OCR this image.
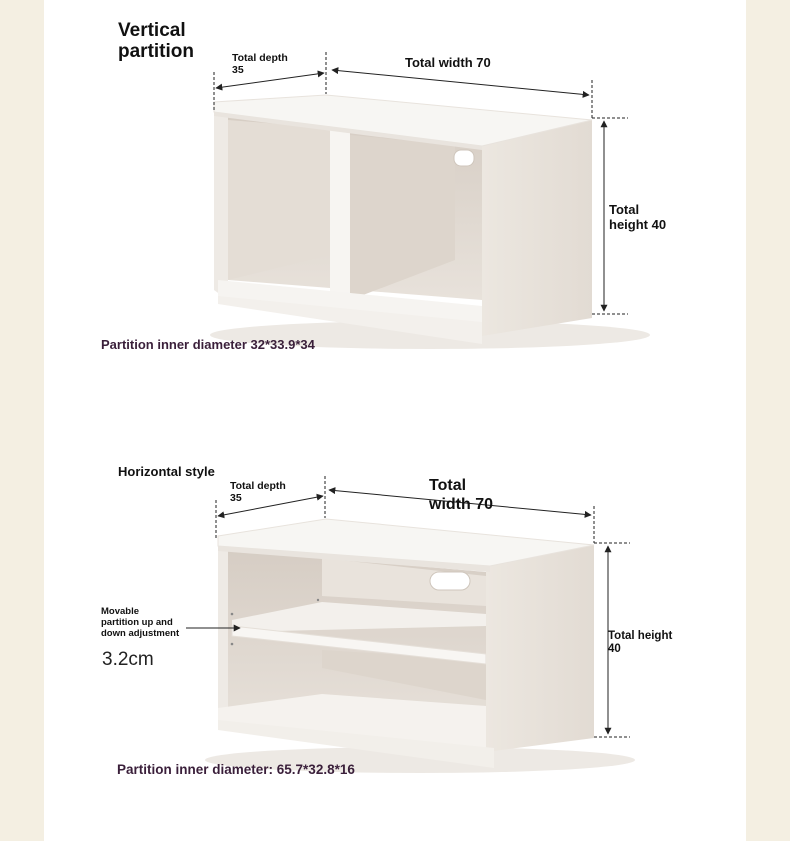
Vertical
partition	Total depth
35	Total width 70
Total
height 40
Partition inner diameter 32*33.9*34
Horizontal style
Total depth
35
Total
width 70
Total height
40
Movable
partition up and
down adjustment
3.2cm
Partition inner diameter: 65.7*32.8*16
